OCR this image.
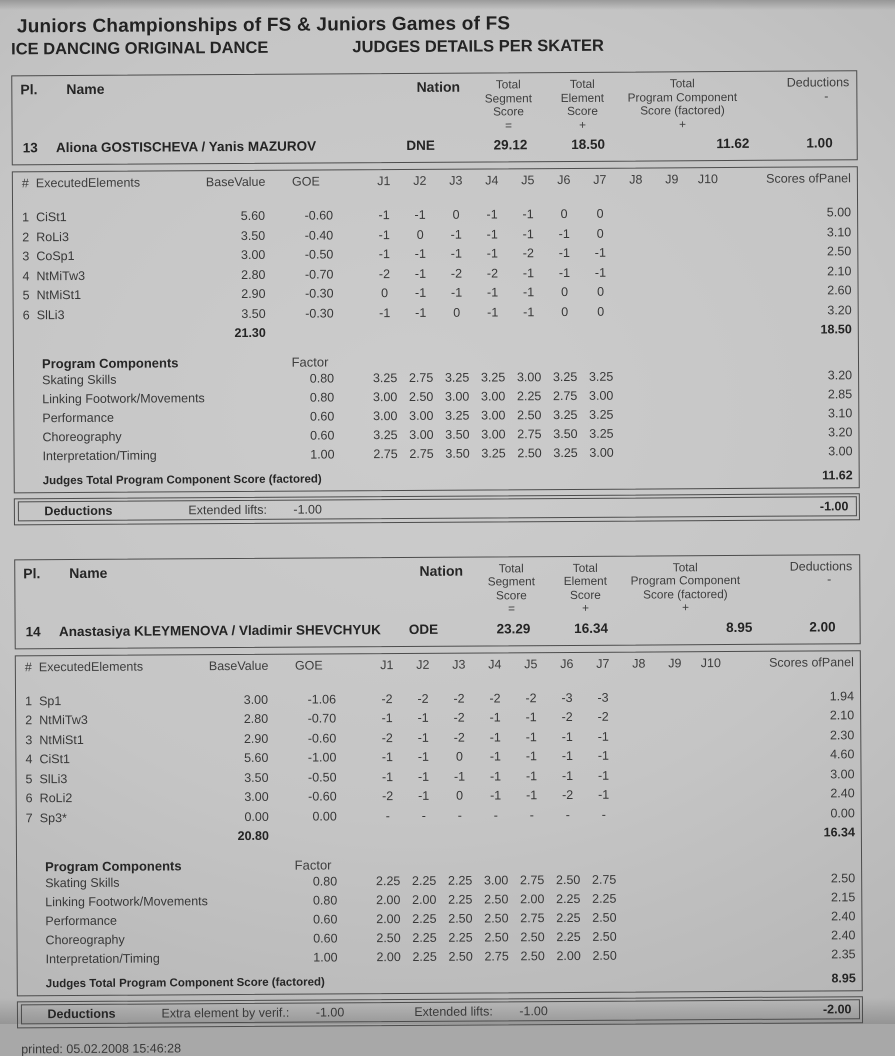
Juniors Championships of FS & Juniors Games of FS
ICE DANCING ORIGINAL DANCE	JUDGES DETAILS PER SKATER
Pl.	Name	Nation	Total
Segment
Score
=
Total
Element
Score
+
Total
Program Component
Score (factored)
+
Deductions
-
13	Aliona GOSTISCHEVA / Yanis MAZUROV	DNE	29.12	18.50	11.62	1.00
# ExecutedElements	BaseValue	GOE	J1	J2	J3	J4	J5	J6	J7	J8	J9	J10	Scores ofPanel
1 CiSt1	5.60	-0.60	-1	-1	0	-1	-1	0	0	5.00
2 RoLi3	3.50	-0.40	-1	0	-1	-1	-1	-1	0	3.10
3 CoSp1	3.00	-0.50	-1	-1	-1	-1	-2	-1	-1	2.50
4 NtMiTw3	2.80	-0.70	-2	-1	-2	-2	-1	-1	-1	2.10
5 NtMiSt1	2.90	-0.30	0	-1	-1	-1	-1	0	0	2.60
6 SlLi3	3.50	-0.30	-1	-1	0	-1	-1	0	0	3.20
21.30	18.50
Program Components	Factor
Skating Skills	0.80	3.25 2.75 3.25 3.25 3.00 3.25 3.25	3.20
Linking Footwork/Movements	0.80	3.00 2.50 3.00 3.00 2.25 2.75 3.00	2.85
Performance	0.60	3.00 3.00 3.25 3.00 2.50 3.25 3.25	3.10
Choreography	0.60	3.25 3.00 3.50 3.00 2.75 3.50 3.25	3.20
Interpretation/Timing	1.00	2.75 2.75 3.50 3.25 2.50 3.25 3.00	3.00
Judges Total Program Component Score (factored)	11.62
Deductions	Extended lifts:	-1.00	-1.00
Pl.	Name	Nation	Total
Segment
Score
=
Total
Element
Score
+
Total
Program Component
Score (factored)
+
Deductions
-
14	Anastasiya KLEYMENOVA / Vladimir SHEVCHYUK	ODE	23.29	16.34	8.95	2.00
# ExecutedElements	BaseValue	GOE	J1	J2	J3	J4	J5	J6	J7	J8	J9	J10	Scores ofPanel
1 Sp1	3.00	-1.06	-2	-2	-2	-2	-2	-3	-3	1.94
2 NtMiTw3	2.80	-0.70	-1	-1	-2	-1	-1	-2	-2	2.10
3 NtMiSt1	2.90	-0.60	-2	-1	-2	-1	-1	-1	-1	2.30
4 CiSt1	5.60	-1.00	-1	-1	0	-1	-1	-1	-1	4.60
5 SlLi3	3.50	-0.50	-1	-1	-1	-1	-1	-1	-1	3.00
6 RoLi2	3.00	-0.60	-2	-1	0	-1	-1	-2	-1	2.40
7 Sp3*	0.00	0.00	-	-	-	-	-	-	-	0.00
20.80	16.34
Program Components	Factor
Skating Skills	0.80	2.25 2.25 2.25 3.00 2.75 2.50 2.75	2.50
Linking Footwork/Movements	0.80	2.00 2.00 2.25 2.50 2.00 2.25 2.25	2.15
Performance	0.60	2.00 2.25 2.50 2.50 2.75 2.25 2.50	2.40
Choreography	0.60	2.50 2.25 2.25 2.50 2.50 2.25 2.50	2.40
Interpretation/Timing	1.00	2.00 2.25 2.50 2.75 2.50 2.00 2.50	2.35
Judges Total Program Component Score (factored)	8.95
Deductions	Extra element by verif.:	-1.00	Extended lifts:	-1.00	-2.00
printed: 05.02.2008 15:46:28
